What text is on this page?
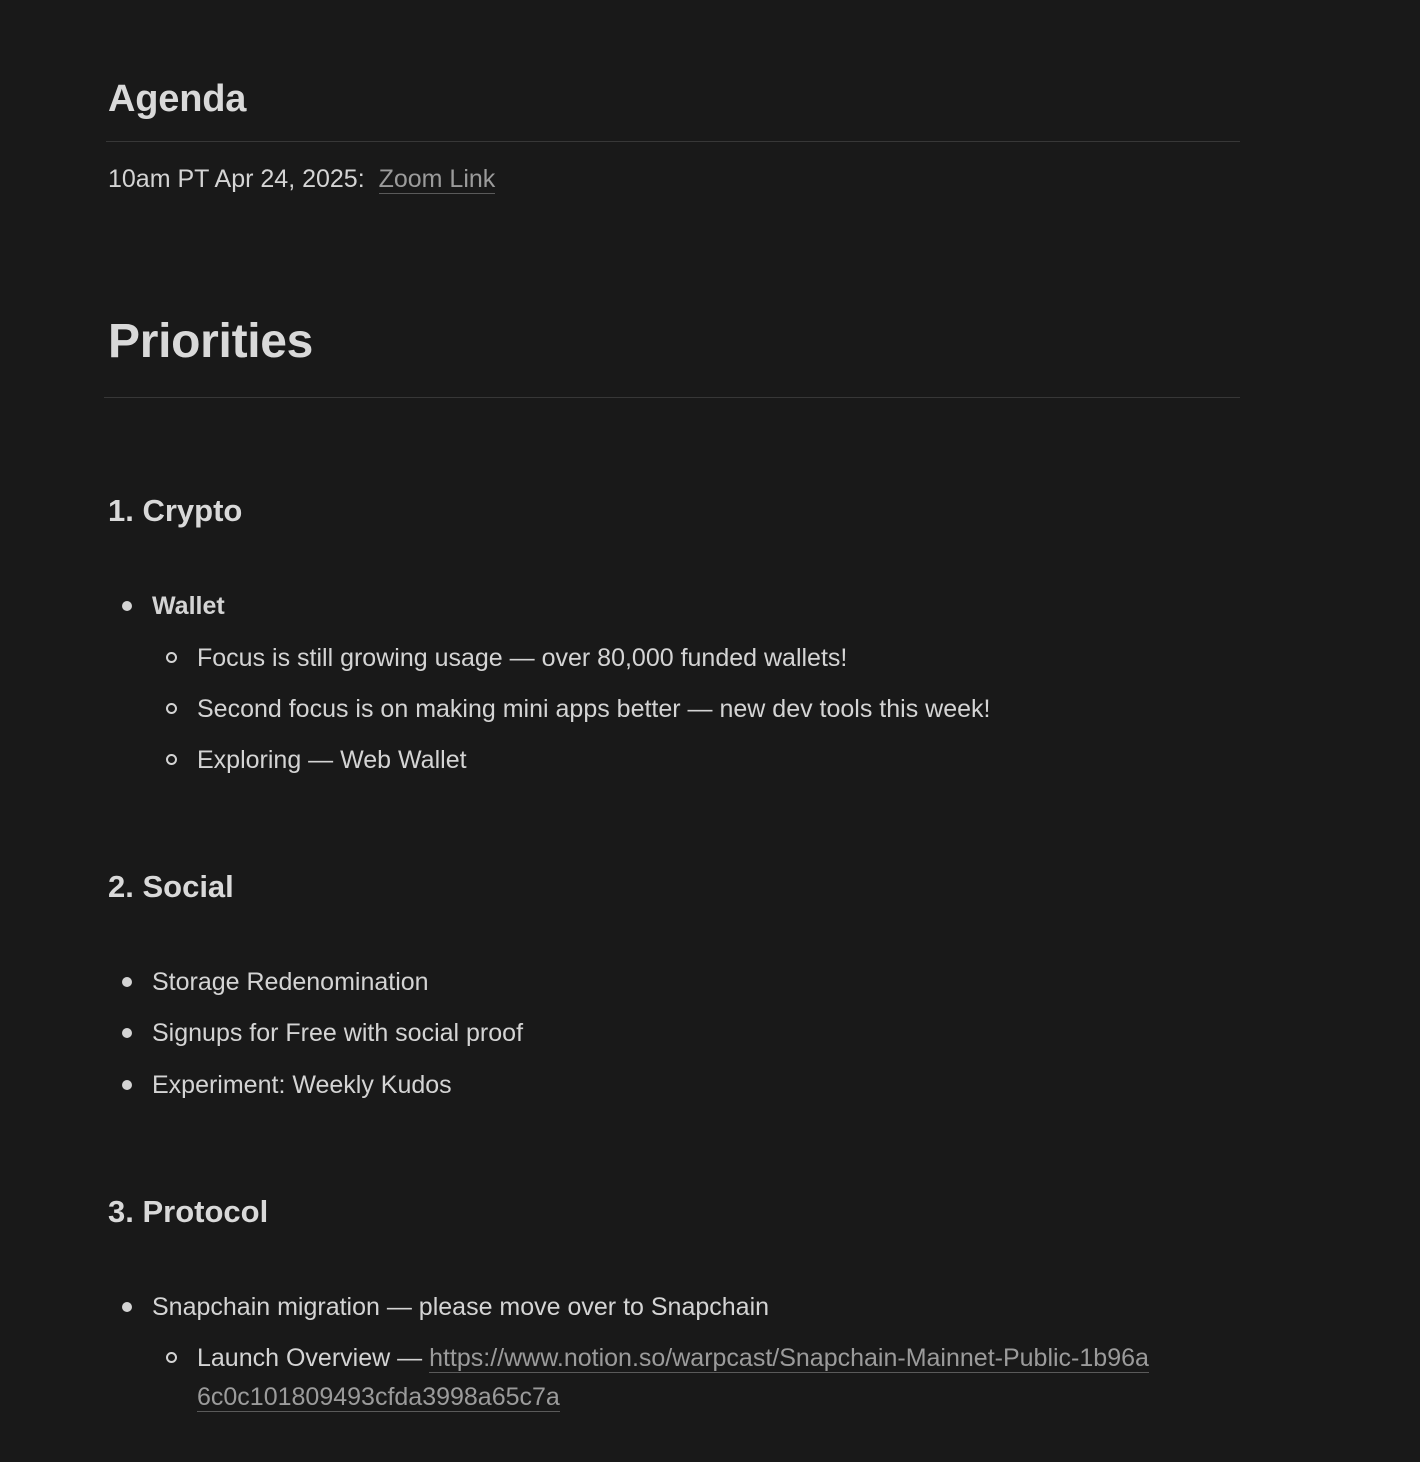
Agenda
10am PT Apr 24, 2025: Zoom Link
Priorities
1. Crypto
Wallet
Focus is still growing usage — over 80,000 funded wallets!
Second focus is on making mini apps better — new dev tools this week!
Exploring — Web Wallet
2. Social
Storage Redenomination
Signups for Free with social proof
Experiment: Weekly Kudos
3. Protocol
Snapchain migration — please move over to Snapchain
Launch Overview — https://www.notion.so/warpcast/Snapchain-Mainnet-Public-1b96a6c0c101809493cfda3998a65c7a
